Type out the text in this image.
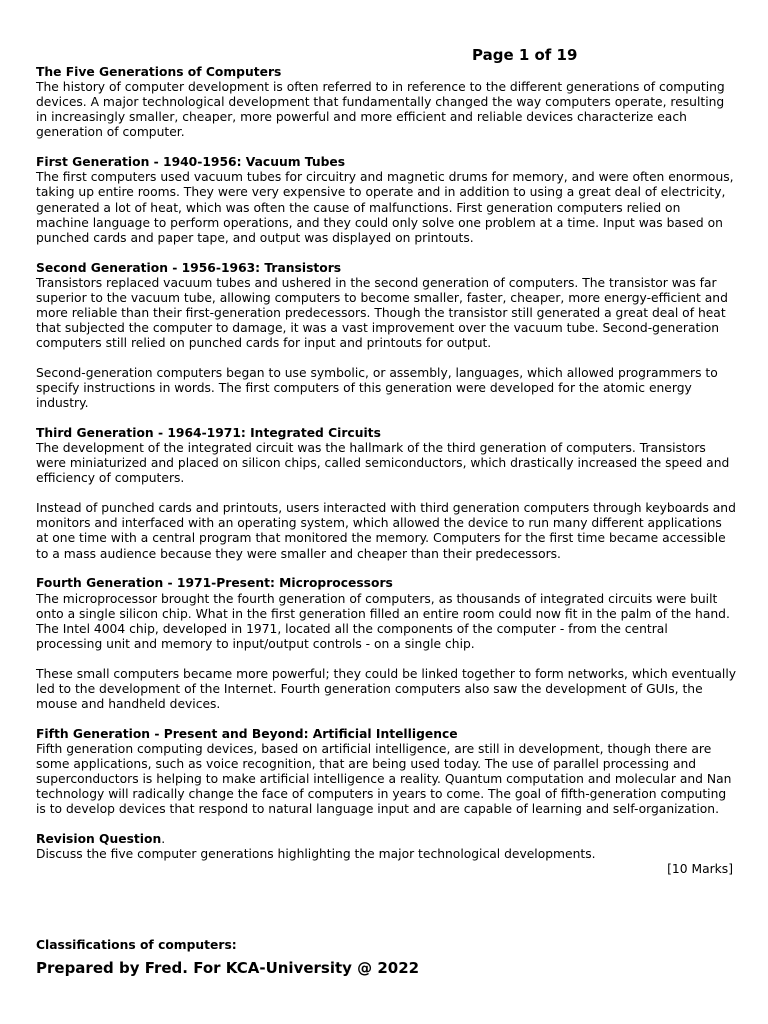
Page 1 of 19
The Five Generations of Computers
The history of computer development is often referred to in reference to the different generations of computing devices. A major technological development that fundamentally changed the way computers operate, resulting in increasingly smaller, cheaper, more powerful and more efficient and reliable devices characterize each generation of computer.
First Generation - 1940-1956: Vacuum Tubes

The first computers used vacuum tubes for circuitry and magnetic drums for memory, and were often enormous, taking up entire rooms. They were very expensive to operate and in addition to using a great deal of electricity, generated a lot of heat, which was often the cause of malfunctions. First generation computers relied on machine language to perform operations, and they could only solve one problem at a time. Input was based on punched cards and paper tape, and output was displayed on printouts.

Second Generation - 1956-1963: Transistors

Transistors replaced vacuum tubes and ushered in the second generation of computers. The transistor was far superior to the vacuum tube, allowing computers to become smaller, faster, cheaper, more energy-efficient and more reliable than their first-generation predecessors. Though the transistor still generated a great deal of heat that subjected the computer to damage, it was a vast improvement over the vacuum tube. Second-generation computers still relied on punched cards for input and printouts for output.

Second-generation computers began to use symbolic, or assembly, languages, which allowed programmers to specify instructions in words. The first computers of this generation were developed for the atomic energy industry.

Third Generation - 1964-1971: Integrated Circuits

The development of the integrated circuit was the hallmark of the third generation of computers. Transistors were miniaturized and placed on silicon chips, called semiconductors, which drastically increased the speed and efficiency of computers.

Instead of punched cards and printouts, users interacted with third generation computers through keyboards and monitors and interfaced with an operating system, which allowed the device to run many different applications at one time with a central program that monitored the memory. Computers for the first time became accessible to a mass audience because they were smaller and cheaper than their predecessors.

Fourth Generation - 1971-Present: Microprocessors

The microprocessor brought the fourth generation of computers, as thousands of integrated circuits were built onto a single silicon chip. What in the first generation filled an entire room could now fit in the palm of the hand. The Intel 4004 chip, developed in 1971, located all the components of the computer - from the central processing unit and memory to input/output controls - on a single chip.

These small computers became more powerful; they could be linked together to form networks, which eventually led to the development of the Internet. Fourth generation computers also saw the development of GUIs, the mouse and handheld devices.

Fifth Generation - Present and Beyond: Artificial Intelligence

Fifth generation computing devices, based on artificial intelligence, are still in development, though there are some applications, such as voice recognition, that are being used today. The use of parallel processing and superconductors is helping to make artificial intelligence a reality. Quantum computation and molecular and Nan technology will radically change the face of computers in years to come. The goal of fifth-generation computing is to develop devices that respond to natural language input and are capable of learning and self-organization.

Revision Question.
Discuss the five computer generations highlighting the major technological developments.
[10 Marks]
Classifications of computers:
Prepared by Fred. For KCA-University @ 2022
